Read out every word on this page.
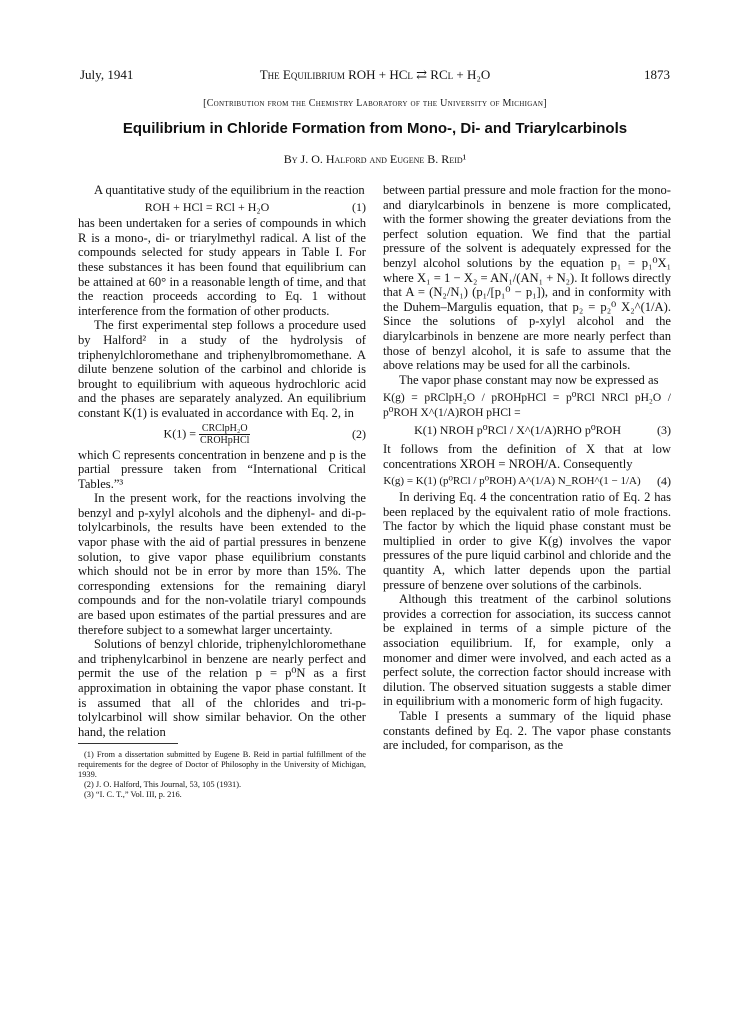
July, 1941	The Equilibrium ROH + HCl ⇄ RCl + H₂O	1873
[Contribution from the Chemistry Laboratory of the University of Michigan]
Equilibrium in Chloride Formation from Mono-, Di- and Triarylcarbinols
By J. O. Halford and Eugene B. Reid¹

A quantitative study of the equilibrium in the reaction

ROH + HCl = RCl + H₂O	(1)

has been undertaken for a series of compounds in which R is a mono-, di- or triarylmethyl radical. A list of the compounds selected for study appears in Table I. For these substances it has been found that equilibrium can be attained at 60° in a reasonable length of time, and that the reaction proceeds according to Eq. 1 without interference from the formation of other products.

The first experimental step follows a procedure used by Halford² in a study of the hydrolysis of triphenylchloromethane and triphenylbromomethane. A dilute benzene solution of the carbinol and chloride is brought to equilibrium with aqueous hydrochloric acid and the phases are separately analyzed. An equilibrium constant K(1) is evaluated in accordance with Eq. 2, in

$K(1) = \frac{\text{CRClpH₂O}}{\text{CROHpHCl}}$	(2)

which C represents concentration in benzene and p is the partial pressure taken from “International Critical Tables.”³

In the present work, for the reactions involving the benzyl and p-xylyl alcohols and the diphenyl- and di-p-tolylcarbinols, the results have been extended to the vapor phase with the aid of partial pressures in benzene solution, to give vapor phase equilibrium constants which should not be in error by more than 15%. The corresponding extensions for the remaining diaryl compounds and for the non-volatile triaryl compounds are based upon estimates of the partial pressures and are therefore subject to a somewhat larger uncertainty.

Solutions of benzyl chloride, triphenylchloromethane and triphenylcarbinol in benzene are nearly perfect and permit the use of the relation p = p⁰N as a first approximation in obtaining the vapor phase constant. It is assumed that all of the chlorides and tri-p-tolylcarbinol will show similar behavior. On the other hand, the relation

(1) From a dissertation submitted by Eugene B. Reid in partial fulfillment of the requirements for the degree of Doctor of Philosophy in the University of Michigan, 1939.
(2) J. O. Halford, This Journal, 53, 105 (1931).
(3) “I. C. T.,” Vol. III, p. 216.

between partial pressure and mole fraction for the mono- and diarylcarbinols in benzene is more complicated, with the former showing the greater deviations from the perfect solution equation. We find that the partial pressure of the solvent is adequately expressed for the benzyl alcohol solutions by the equation p₁ = p₁⁰X₁ where X₁ = 1 − X₂ = AN₁/(AN₁ + N₂). It follows directly that A = (N₂/N₁) (p₁/[p₁⁰ − p₁]), and in conformity with the Duhem–Margulis equation, that p₂ = p₂⁰ X₂^(1/A). Since the solutions of p-xylyl alcohol and the diarylcarbinols in benzene are more nearly perfect than those of benzyl alcohol, it is safe to assume that the above relations may be used for all the carbinols.

The vapor phase constant may now be expressed as

K(g) = pRClpH₂O / pROHpHCl = p⁰RCl NRCl pH₂O / p⁰ROH X^(1/A)ROH pHCl =
K(1) NROH p⁰RCl / X^(1/A)RHO p⁰ROH	(3)

It follows from the definition of X that at low concentrations XROH = NROH/A. Consequently

K(g) = K(1) (p⁰RCl / p⁰ROH) A^(1/A) N_ROH^(1 − 1/A)	(4)

In deriving Eq. 4 the concentration ratio of Eq. 2 has been replaced by the equivalent ratio of mole fractions. The factor by which the liquid phase constant must be multiplied in order to give K(g) involves the vapor pressures of the pure liquid carbinol and chloride and the quantity A, which latter depends upon the partial pressure of benzene over solutions of the carbinols.

Although this treatment of the carbinol solutions provides a correction for association, its success cannot be explained in terms of a simple picture of the association equilibrium. If, for example, only a monomer and dimer were involved, and each acted as a perfect solute, the correction factor should increase with dilution. The observed situation suggests a stable dimer in equilibrium with a monomeric form of high fugacity.

Table I presents a summary of the liquid phase constants defined by Eq. 2. The vapor phase constants are included, for comparison, as the
